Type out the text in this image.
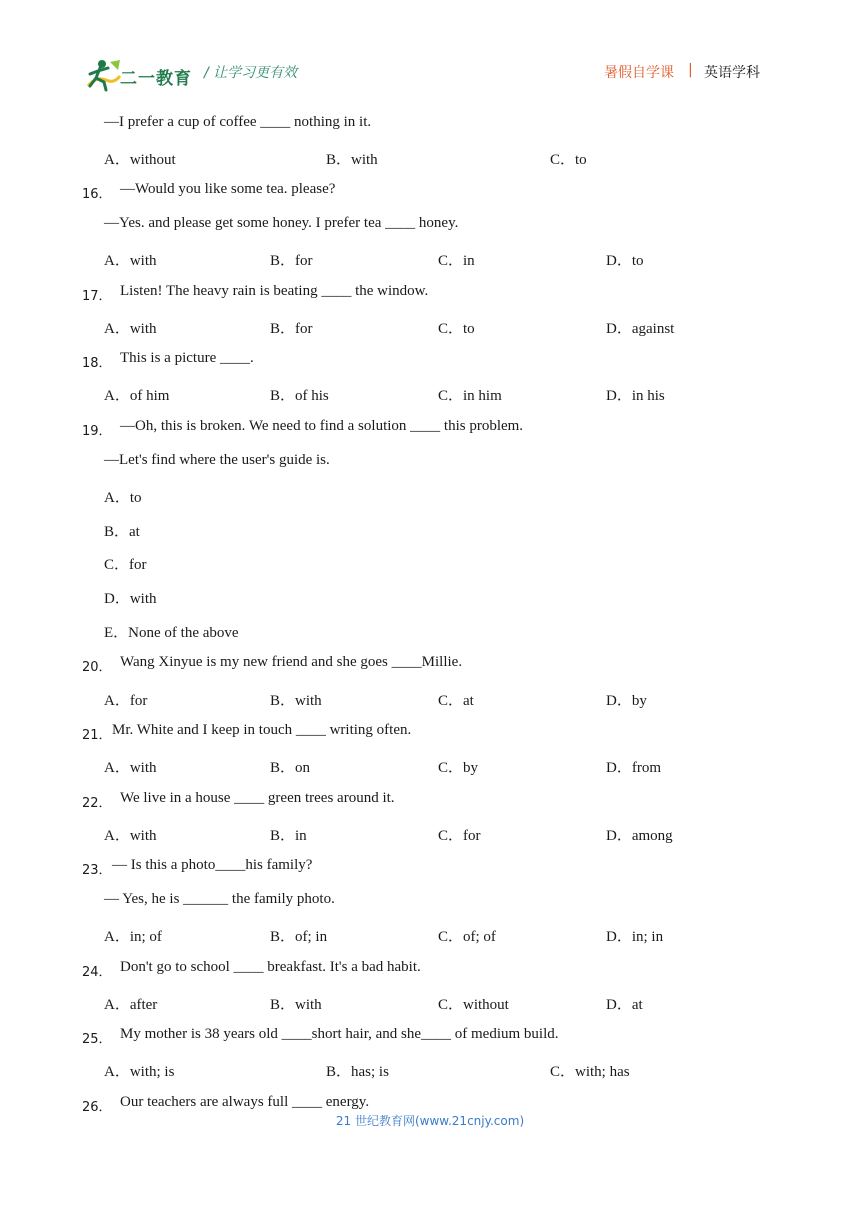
二一教育 / 让学习更有效	暑假自学课 | 英语学科
—I prefer a cup of coffee ____ nothing in it.
A．without	B．with	C．to
16． —Would you like some tea. please?
—Yes. and please get some honey. I prefer tea ____ honey.
A．with	B．for	C．in	D．to
17． Listen! The heavy rain is beating ____ the window.
A．with	B．for	C．to	D．against
18． This is a picture ____.
A．of him	B．of his	C．in him	D．in his
19． —Oh, this is broken. We need to find a solution ____ this problem.
—Let's find where the user's guide is.
A．to
B．at
C．for
D．with
E．None of the above
20． Wang Xinyue is my new friend and she goes ____Millie.
A．for	B．with	C．at	D．by
21． Mr. White and I keep in touch ____ writing often.
A．with	B．on	C．by	D．from
22． We live in a house ____ green trees around it.
A．with	B．in	C．for	D．among
23． — Is this a photo____his family?
— Yes, he is ______ the family photo.
A．in; of	B．of; in	C．of; of	D．in; in
24． Don't go to school ____ breakfast. It's a bad habit.
A．after	B．with	C．without	D．at
25． My mother is 38 years old ____short hair, and she____ of medium build.
A．with; is	B．has; is	C．with; has
26． Our teachers are always full ____ energy.
21 世纪教育网(www.21cnjy.com)
